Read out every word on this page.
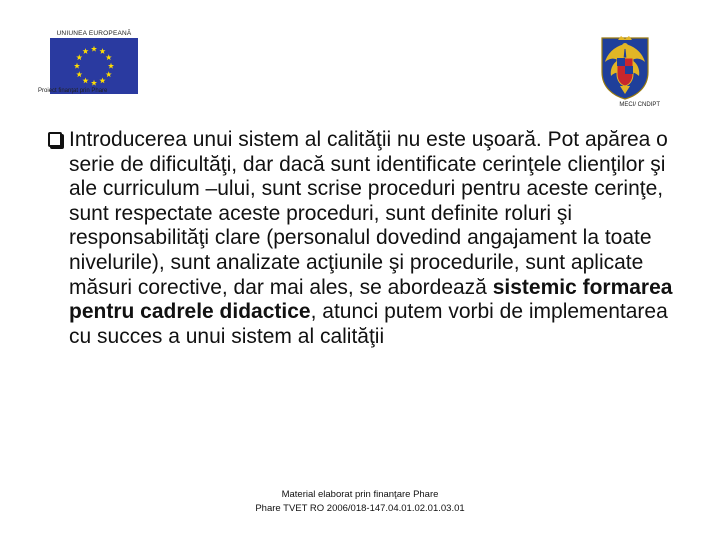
UNIUNEA EUROPEANĂ
Proiect finanţat prin Phare
MECI/ CNDIPT
Introducerea unui sistem al calităţii nu este uşoară. Pot apărea o serie de dificultăţi, dar dacă sunt identificate cerinţele clienţilor şi ale curriculum –ului, sunt scrise proceduri pentru aceste cerinţe, sunt respectate aceste proceduri, sunt definite roluri şi responsabilităţi clare (personalul dovedind angajament la toate nivelurile), sunt analizate acţiunile şi procedurile, sunt aplicate măsuri corective, dar mai ales, se abordează sistemic formarea pentru cadrele didactice, atunci putem vorbi de implementarea cu succes a unui sistem al calităţii
Material elaborat prin finanţare Phare
Phare TVET RO 2006/018-147.04.01.02.01.03.01
